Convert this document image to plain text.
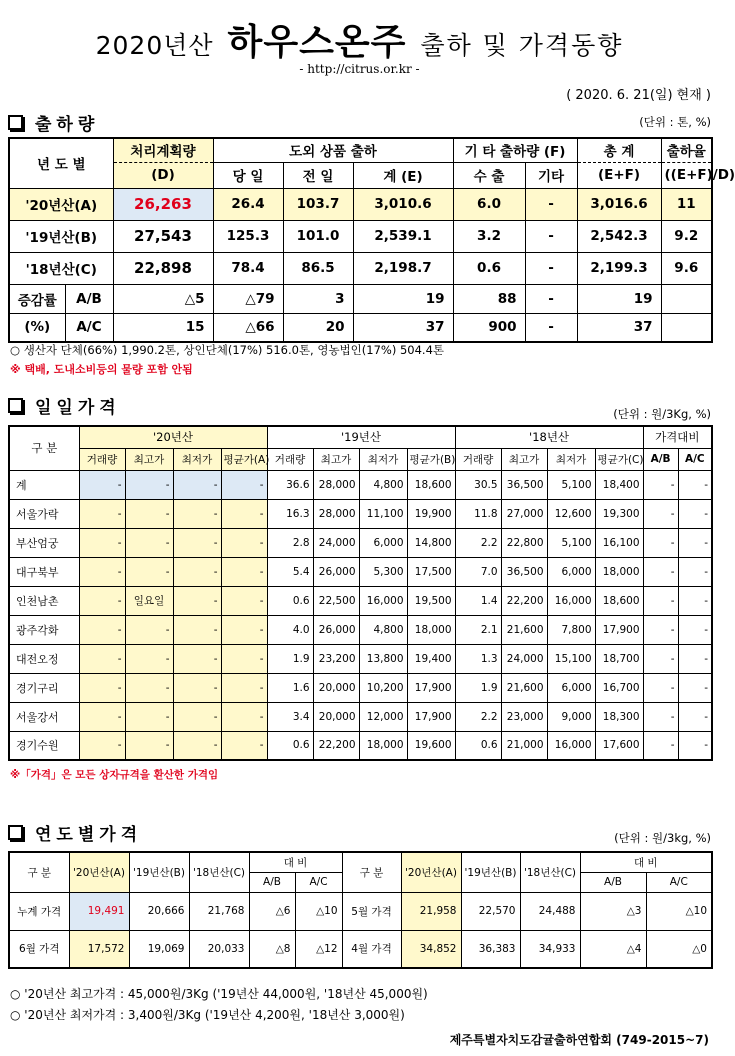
2020년산 하우스온주 출하 및 가격동향
- http://citrus.or.kr -
( 2020. 6. 21(일) 현재 )
출하량	(단위 : 톤, %)
년 도 별		처리계획량	도외 상품 출하			기 타 출하량 (F)		총 계	출하율
		(D)	당 일	전 일	계 (E)	수 출	기타	(E+F)	((E+F)/D)
'20년산(A)		26,263	26.4	103.7	3,010.6	6.0	-	3,016.6	11
'19년산(B)		27,543	125.3	101.0	2,539.1	3.2	-	2,542.3	9.2
'18년산(C)		22,898	78.4	86.5	2,198.7	0.6	-	2,199.3	9.6
증감률	A/B	△5	△79	3	19	88	-	19	
(%)	A/C	15	△66	20	37	900	-	37	
○ 생산자 단체(66%) 1,990.2톤, 상인단체(17%) 516.0톤, 영농법인(17%) 504.4톤
※ 택배, 도내소비등의 물량 포함 안됨
일일가격	(단위 : 원/3Kg, %)
구 분	'20년산				'19년산				'18년산				가격대비	
	거래량	최고가	최저가	평균가(A)	거래량	최고가	최저가	평균가(B)	거래량	최고가	최저가	평균가(C)	A/B	A/C
계	-	-	-	-	36.6	28,000	4,800	18,600	30.5	36,500	5,100	18,400	-	-
서울가락	-	-	-	-	16.3	28,000	11,100	19,900	11.8	27,000	12,600	19,300	-	-
부산엄궁	-	-	-	-	2.8	24,000	6,000	14,800	2.2	22,800	5,100	16,100	-	-
대구북부	-	-	-	-	5.4	26,000	5,300	17,500	7.0	36,500	6,000	18,000	-	-
인천남촌	-	일요일	-	-	0.6	22,500	16,000	19,500	1.4	22,200	16,000	18,600	-	-
광주각화	-	-	-	-	4.0	26,000	4,800	18,000	2.1	21,600	7,800	17,900	-	-
대전오정	-	-	-	-	1.9	23,200	13,800	19,400	1.3	24,000	15,100	18,700	-	-
경기구리	-	-	-	-	1.6	20,000	10,200	17,900	1.9	21,600	6,000	16,700	-	-
서울강서	-	-	-	-	3.4	20,000	12,000	17,900	2.2	23,000	9,000	18,300	-	-
경기수원	-	-	-	-	0.6	22,200	18,000	19,600	0.6	21,000	16,000	17,600	-	-
※「가격」은 모든 상자규격을 환산한 가격임
연도별가격	(단위 : 원/3kg, %)
구 분	'20년산(A)	'19년산(B)	'18년산(C)	대 비		구 분	'20년산(A)	'19년산(B)	'18년산(C)	대 비	
				A/B	A/C					A/B	A/C
누계 가격	19,491	20,666	21,768	△6	△10	5월 가격	21,958	22,570	24,488	△3	△10
6월 가격	17,572	19,069	20,033	△8	△12	4월 가격	34,852	36,383	34,933	△4	△0
○ '20년산 최고가격 : 45,000원/3Kg ('19년산 44,000원, '18년산 45,000원)
○ '20년산 최저가격 : 3,400원/3Kg ('19년산 4,200원, '18년산 3,000원)
제주특별자치도감귤출하연합회 (749-2015~7)
